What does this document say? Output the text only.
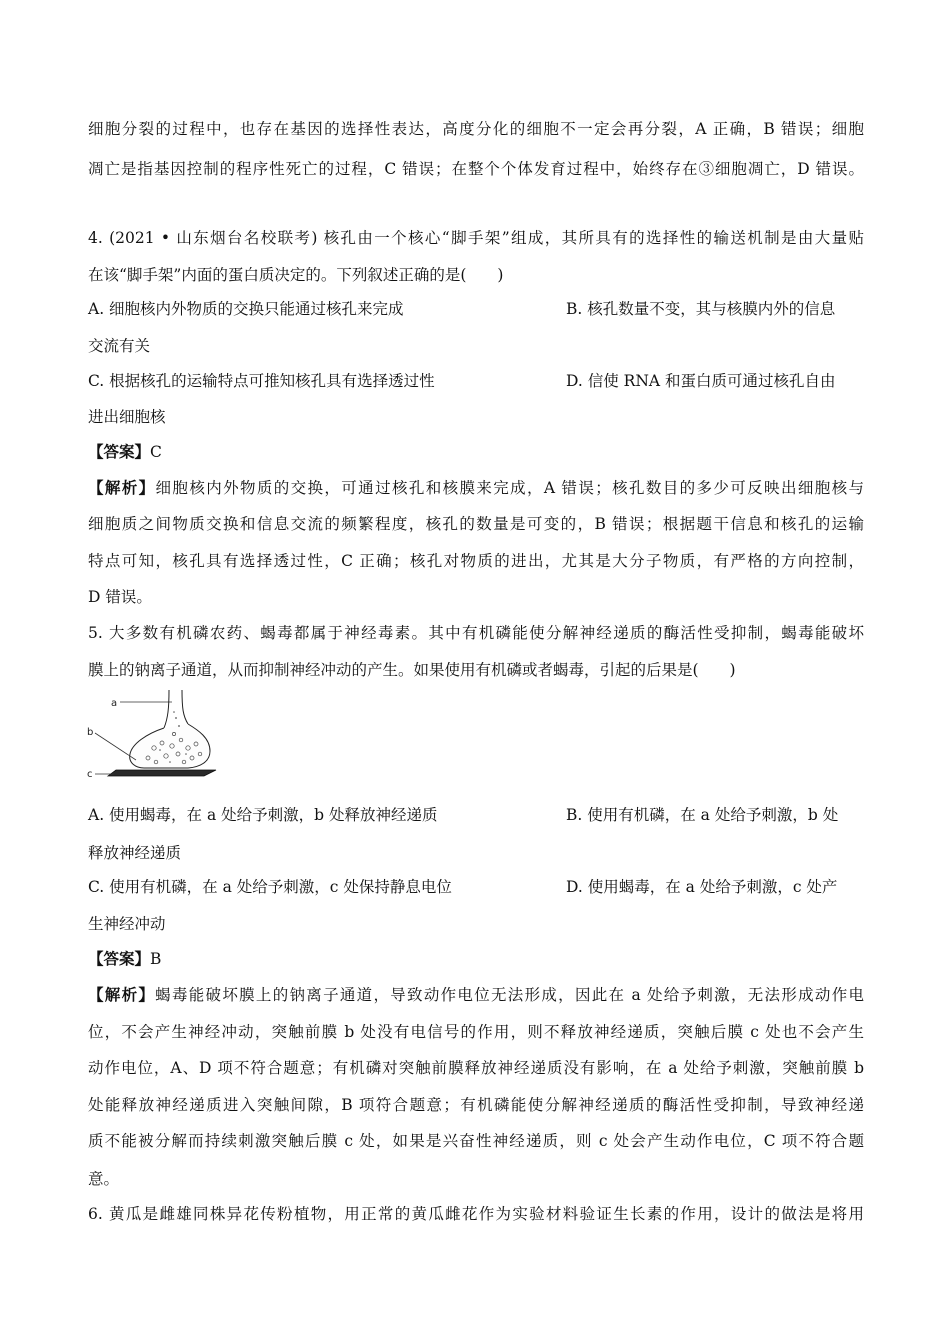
细胞分裂的过程中，也存在基因的选择性表达，高度分化的细胞不一定会再分裂，A 正确，B 错误；细胞
凋亡是指基因控制的程序性死亡的过程，C 错误；在整个个体发育过程中，始终存在③细胞凋亡，D 错误。
4. (2021 • 山东烟台名校联考) 核孔由一个核心“脚手架”组成，其所具有的选择性的输送机制是由大量贴
在该“脚手架”内面的蛋白质决定的。下列叙述正确的是(　　)
A. 细胞核内外物质的交换只能通过核孔来完成	B. 核孔数量不变，其与核膜内外的信息
交流有关
C. 根据核孔的运输特点可推知核孔具有选择透过性	D. 信使 RNA 和蛋白质可通过核孔自由
进出细胞核
【答案】C
【解析】细胞核内外物质的交换，可通过核孔和核膜来完成，A 错误；核孔数目的多少可反映出细胞核与
细胞质之间物质交换和信息交流的频繁程度，核孔的数量是可变的，B 错误；根据题干信息和核孔的运输
特点可知，核孔具有选择透过性，C 正确；核孔对物质的进出，尤其是大分子物质，有严格的方向控制，
D 错误。
5. 大多数有机磷农药、蝎毒都属于神经毒素。其中有机磷能使分解神经递质的酶活性受抑制，蝎毒能破坏
膜上的钠离子通道，从而抑制神经冲动的产生。如果使用有机磷或者蝎毒，引起的后果是(　　)
a
b
c
A. 使用蝎毒，在 a 处给予刺激，b 处释放神经递质	B. 使用有机磷，在 a 处给予刺激，b 处
释放神经递质
C. 使用有机磷，在 a 处给予刺激，c 处保持静息电位	D. 使用蝎毒，在 a 处给予刺激，c 处产
生神经冲动
【答案】B
【解析】蝎毒能破坏膜上的钠离子通道，导致动作电位无法形成，因此在 a 处给予刺激，无法形成动作电
位，不会产生神经冲动，突触前膜 b 处没有电信号的作用，则不释放神经递质，突触后膜 c 处也不会产生
动作电位，A、D 项不符合题意；有机磷对突触前膜释放神经递质没有影响，在 a 处给予刺激，突触前膜 b
处能释放神经递质进入突触间隙，B 项符合题意；有机磷能使分解神经递质的酶活性受抑制，导致神经递
质不能被分解而持续刺激突触后膜 c 处，如果是兴奋性神经递质，则 c 处会产生动作电位，C 项不符合题
意。
6. 黄瓜是雌雄同株异花传粉植物，用正常的黄瓜雌花作为实验材料验证生长素的作用，设计的做法是将用
